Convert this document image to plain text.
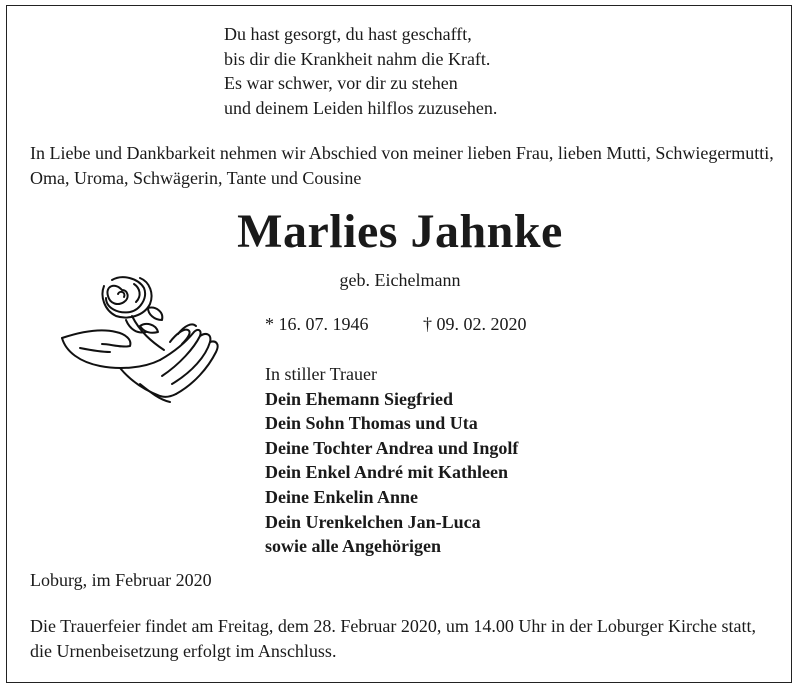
Du hast gesorgt, du hast geschafft,
bis dir die Krankheit nahm die Kraft.
Es war schwer, vor dir zu stehen
und deinem Leiden hilflos zuzusehen.
In Liebe und Dankbarkeit nehmen wir Abschied von meiner lieben Frau, lieben Mutti, Schwiegermutti, Oma, Uroma, Schwägerin, Tante und Cousine
Marlies Jahnke
geb. Eichelmann
* 16. 07. 1946	† 09. 02. 2020
In stiller Trauer
Dein Ehemann Siegfried
Dein Sohn Thomas und Uta
Deine Tochter Andrea und Ingolf
Dein Enkel André mit Kathleen
Deine Enkelin Anne
Dein Urenkelchen Jan-Luca
sowie alle Angehörigen
Loburg, im Februar 2020
Die Trauerfeier findet am Freitag, dem 28. Februar 2020, um 14.00 Uhr in der Loburger Kirche statt, die Urnenbeisetzung erfolgt im Anschluss.
